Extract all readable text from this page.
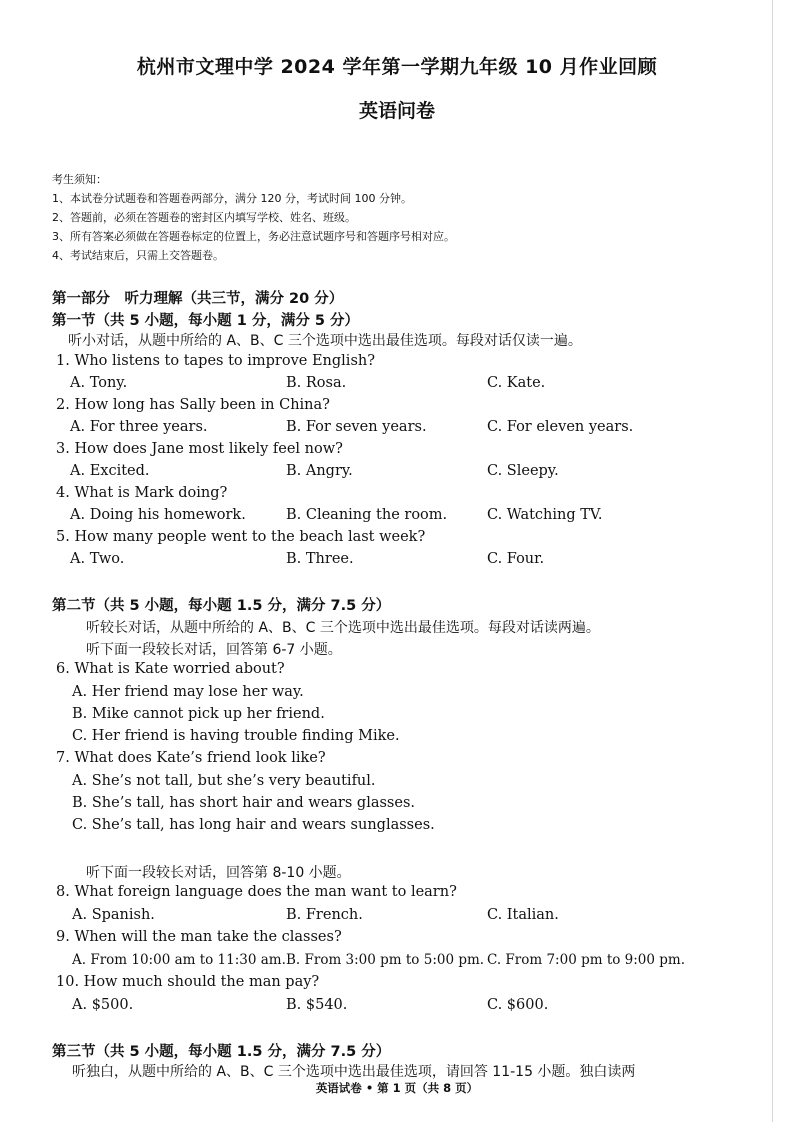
杭州市文理中学 2024 学年第一学期九年级 10 月作业回顾
英语问卷
考生须知：
1、本试卷分试题卷和答题卷两部分，满分 120 分，考试时间 100 分钟。
2、答题前，必须在答题卷的密封区内填写学校、姓名、班级。
3、所有答案必须做在答题卷标定的位置上，务必注意试题序号和答题序号相对应。
4、考试结束后，只需上交答题卷。
第一部分　听力理解（共三节，满分 20 分）
第一节（共 5 小题，每小题 1 分，满分 5 分）
听小对话，从题中所给的 A、B、C 三个选项中选出最佳选项。每段对话仅读一遍。
1. Who listens to tapes to improve English?
A. Tony.	B. Rosa.	C. Kate.
2. How long has Sally been in China?
A. For three years.	B. For seven years.	C. For eleven years.
3. How does Jane most likely feel now?
A. Excited.	B. Angry.	C. Sleepy.
4. What is Mark doing?
A. Doing his homework.	B. Cleaning the room.	C. Watching TV.
5. How many people went to the beach last week?
A. Two.	B. Three.	C. Four.
第二节（共 5 小题，每小题 1.5 分，满分 7.5 分）
听较长对话，从题中所给的 A、B、C 三个选项中选出最佳选项。每段对话读两遍。
听下面一段较长对话，回答第 6-7 小题。
6. What is Kate worried about?
A. Her friend may lose her way.
B. Mike cannot pick up her friend.
C. Her friend is having trouble finding Mike.
7. What does Kate’s friend look like?
A. She’s not tall, but she’s very beautiful.
B. She’s tall, has short hair and wears glasses.
C. She’s tall, has long hair and wears sunglasses.
听下面一段较长对话，回答第 8-10 小题。
8. What foreign language does the man want to learn?
A. Spanish.	B. French.	C. Italian.
9. When will the man take the classes?
A. From 10:00 am to 11:30 am. B. From 3:00 pm to 5:00 pm. C. From 7:00 pm to 9:00 pm.
10. How much should the man pay?
A. $500.	B. $540.	C. $600.
第三节（共 5 小题，每小题 1.5 分，满分 7.5 分）
听独白，从题中所给的 A、B、C 三个选项中选出最佳选项，请回答 11-15 小题。独白读两
英语试卷 • 第 1 页（共 8 页）
